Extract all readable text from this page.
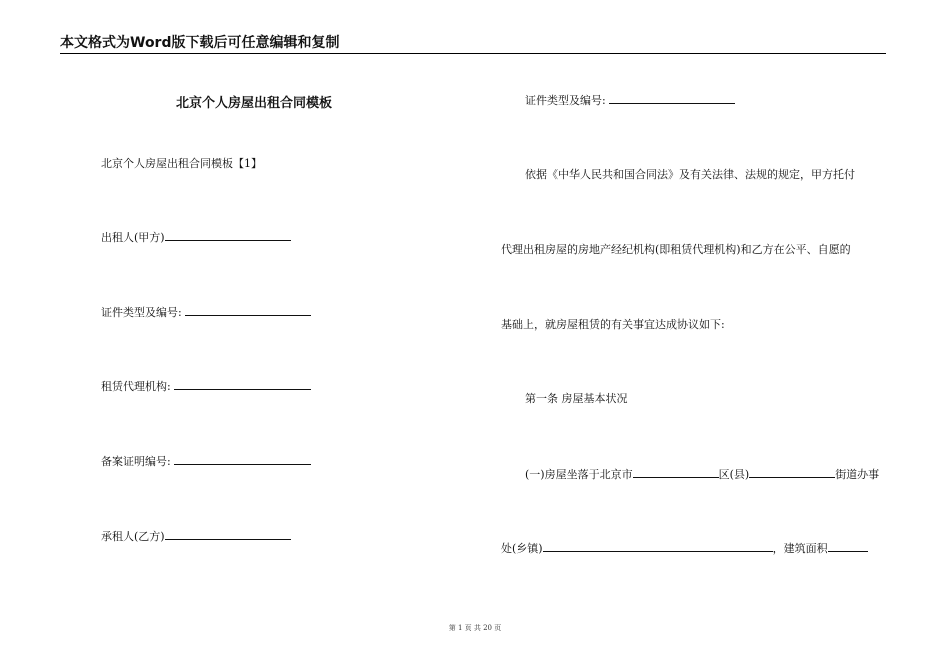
本文格式为Word版下载后可任意编辑和复制
北京个人房屋出租合同模板
北京个人房屋出租合同模板【1】
出租人(甲方)
证件类型及编号:
租赁代理机构:
备案证明编号:
承租人(乙方)
证件类型及编号:
依据《中华人民共和国合同法》及有关法律、法规的规定，甲方托付
代理出租房屋的房地产经纪机构(即租赁代理机构)和乙方在公平、自愿的
基础上，就房屋租赁的有关事宜达成协议如下:
第一条 房屋基本状况
(一)房屋坐落于北京市	区(县)	街道办事
处(乡镇)	，建筑面积
第 1 页 共 20 页
